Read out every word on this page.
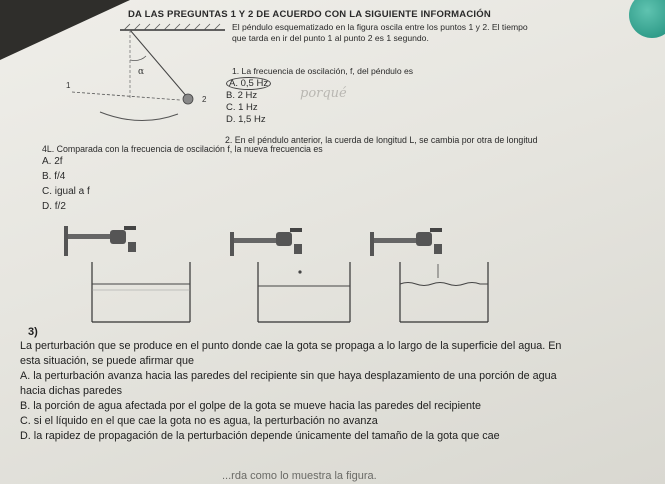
DA LAS PREGUNTAS 1 Y 2 DE ACUERDO CON LA SIGUIENTE INFORMACIÓN
El péndulo esquematizado en la figura oscila entre los puntos 1 y 2. El tiempo
que tarda en ir del punto 1 al punto 2 es 1 segundo.
α
1
2
1. La frecuencia de oscilación, f, del péndulo es
A. 0,5 Hz
B. 2 Hz
C. 1 Hz
D. 1,5 Hz
porqué
2. En el péndulo anterior, la cuerda de longitud L, se cambia por otra de longitud
4L. Comparada con la frecuencia de oscilación f, la nueva frecuencia es
A. 2f
B. f/4
C. igual a f
D. f/2
3)
La perturbación que se produce en el punto donde cae la gota se propaga a lo largo de la superficie del agua. En
esta situación, se puede afirmar que
A. la perturbación avanza hacia las paredes del recipiente sin que haya desplazamiento de una porción de agua
hacia dichas paredes
B. la porción de agua afectada por el golpe de la gota se mueve hacia las paredes del recipiente
C. si el líquido en el que cae la gota no es agua, la perturbación no avanza
D. la rapidez de propagación de la perturbación depende únicamente del tamaño de la gota que cae
...rda como lo muestra la figura.
